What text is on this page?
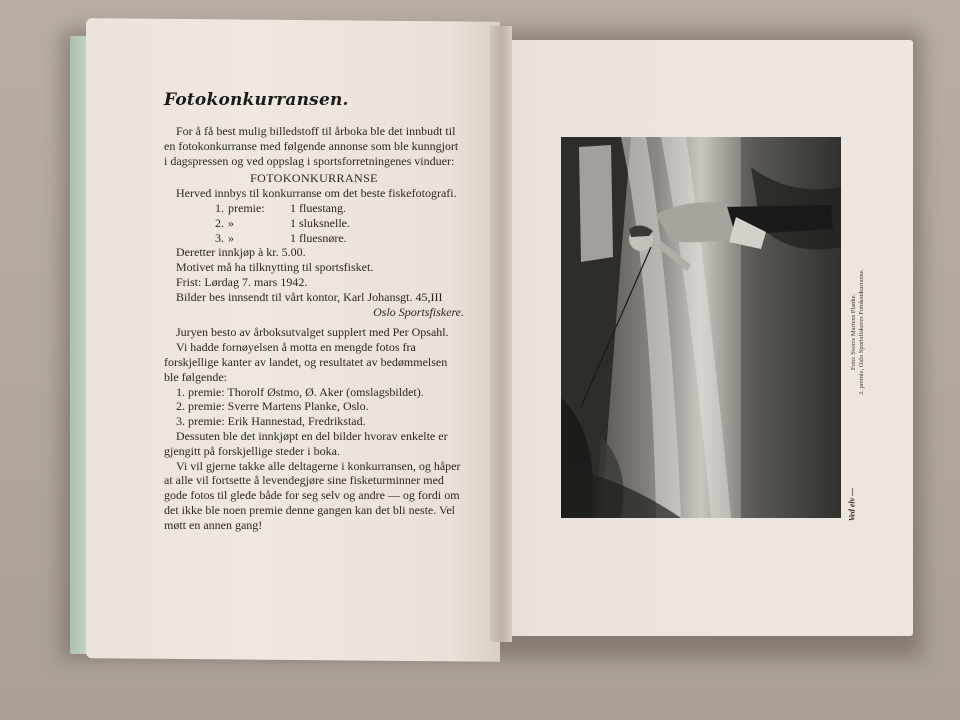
Fotokonkurransen.

For å få best mulig billedstoff til årboka ble det innbudt til en fotokonkurranse med følgende annonse som ble kunngjort i dagspressen og ved oppslag i sportsforretningenes vinduer:

FOTOKONKURRANSE
Herved innbys til konkurranse om det beste fiskefotografi.
1. premie:	1 fluestang.
2. »	1 sluksnelle.
3. »	1 fluesnøre.
Deretter innkjøp à kr. 5.00.
Motivet må ha tilknytting til sportsfisket.
Frist: Lørdag 7. mars 1942.
Bilder bes innsendt til vårt kontor, Karl Johansgt. 45,III
Oslo Sportsfiskere.

Juryen besto av årboksutvalget supplert med Per Opsahl.

Vi hadde fornøyelsen å motta en mengde fotos fra forskjellige kanter av landet, og resultatet av bedømmelsen ble følgende:

1. premie: Thorolf Østmo, Ø. Aker (omslagsbildet).
2. premie: Sverre Martens Planke, Oslo.
3. premie: Erik Hannestad, Fredrikstad.

Dessuten ble det innkjøpt en del bilder hvorav enkelte er gjengitt på forskjellige steder i boka.

Vi vil gjerne takke alle deltagerne i konkurransen, og håper at alle vil fortsette å levendegjøre sine fisketurminner med gode fotos til glede både for seg selv og andre — og fordi om det ikke ble noen premie denne gangen kan det bli neste. Vel møtt en annen gang!

Foto: Sverre Martens Planke. 2. premie, Oslo Sportsfiskeres Fotokonkurranse.
Ved elv —
